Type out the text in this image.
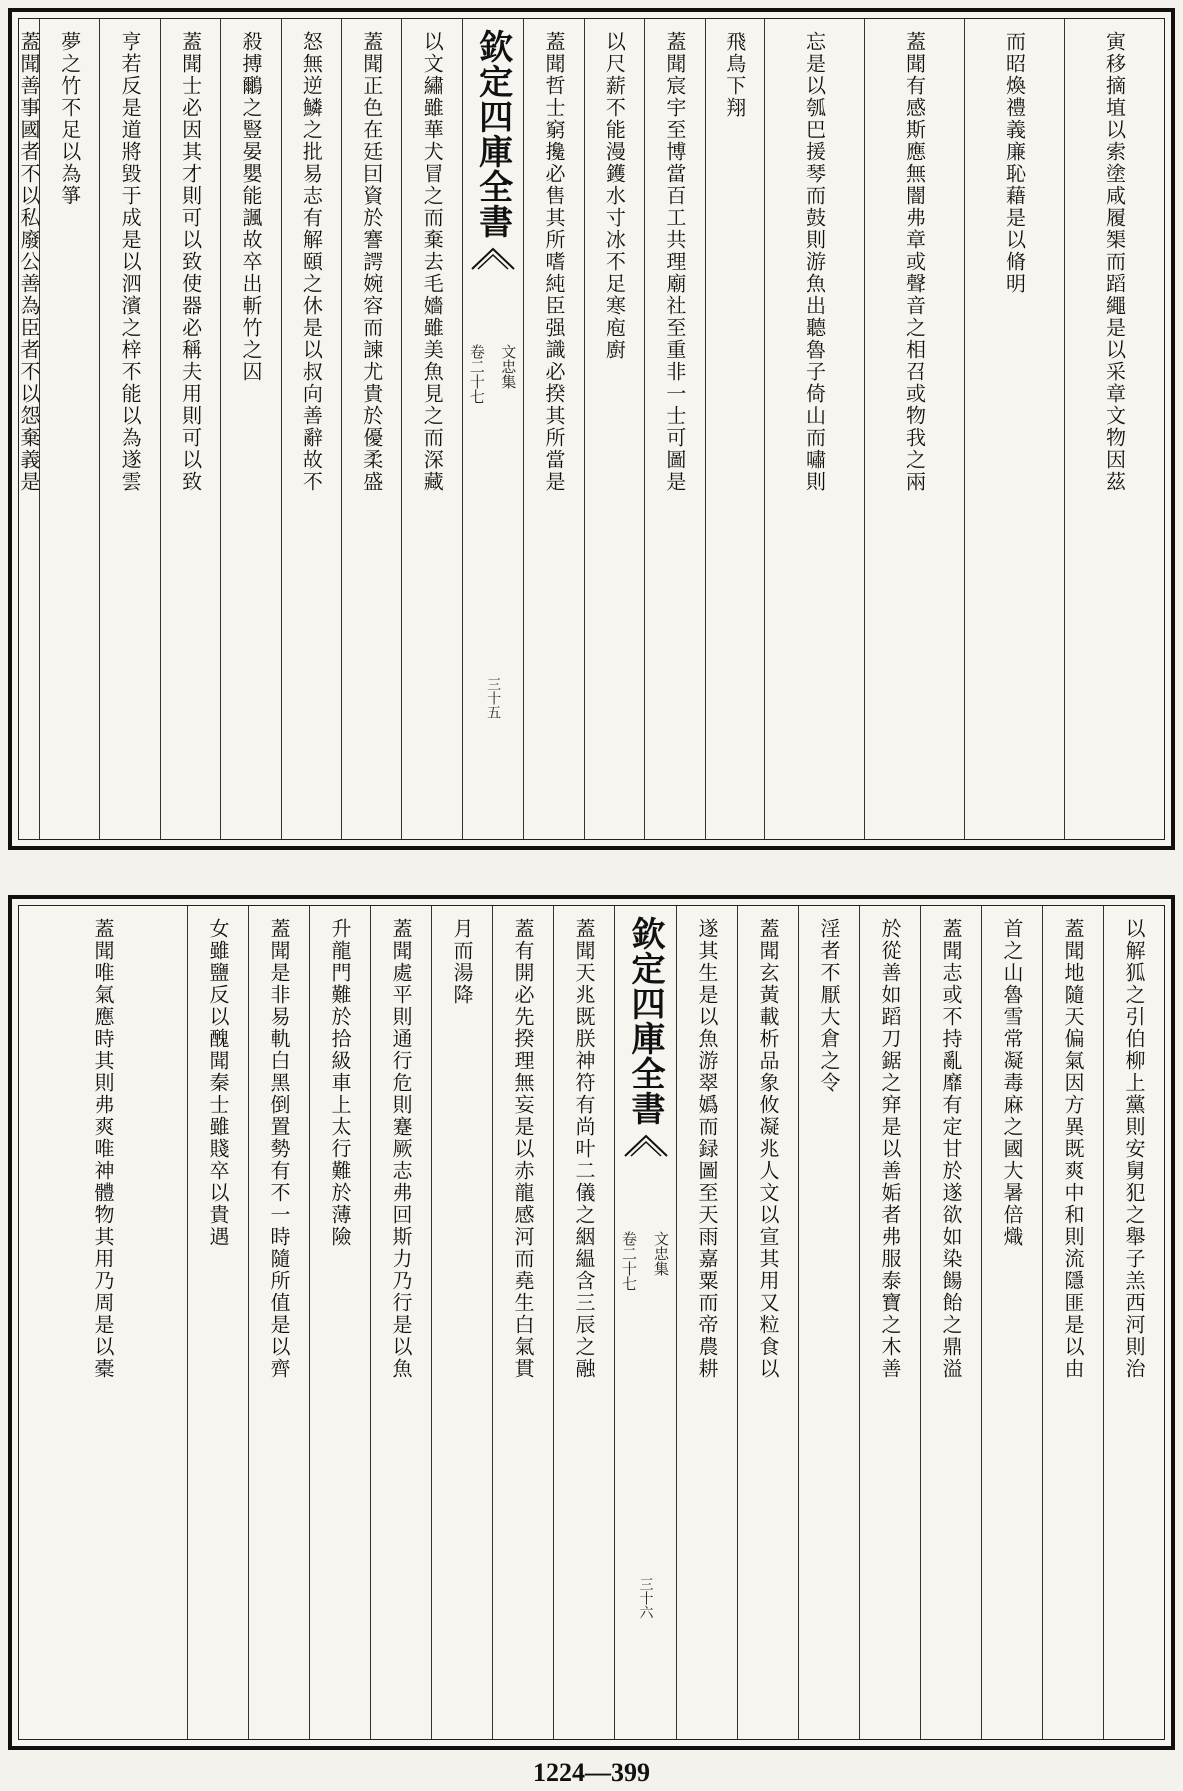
寅移摘埴以索塗咸履榘而蹈繩是以采章文物因茲
而昭煥禮義廉恥藉是以脩明
蓋聞有感斯應無闇弗章或聲音之相召或物我之兩
忘是以瓠巴援琴而鼓則游魚出聽魯子倚山而嘯則
飛鳥下翔
蓋聞宸宇至博當百工共理廟社至重非一士可圖是
以尺薪不能漫鑊水寸冰不足寒庖廚
蓋聞哲士窮攙必售其所嗜純臣强識必揆其所當是
欽定四庫全書
卷二十七 文忠集
三十五
以文繡雖華犬冒之而棄去毛嬙雖美魚見之而深藏
蓋聞正色在廷囙資於謇諤婉容而諫尤貴於優柔盛
怒無逆鱗之批易志有解頤之休是以叔向善辭故不
殺搏鸍之豎晏嬰能諷故卒出斬竹之囚
蓋聞士必因其才則可以致使器必稱夫用則可以致
亨若反是道將毀于成是以泗濱之梓不能以為遂雲
夢之竹不足以為箏
蓋聞善事國者不以私廢公善為臣者不以怨棄義是
以解狐之引伯柳上黨則安舅犯之舉子羔西河則治
蓋聞地隨天偏氣因方異既爽中和則流隱匪是以由
首之山魯雪常凝毒麻之國大暑倍熾
蓋聞志或不持亂靡有定甘於遂欲如染餳飴之鼎溢
於從善如蹈刀鋸之穽是以善姤者弗服泰寶之木善
淫者不厭大倉之令
蓋聞玄黃載析品象攸凝兆人文以宣其用又粒食以
遂其生是以魚游翠嬀而録圖至天雨嘉粟而帝農耕
欽定四庫全書
卷二十七 文忠集
三十六
蓋聞天兆既朕神符有尚叶二儀之絪緼含三辰之融
蓋有開必先揆理無妄是以赤龍感河而堯生白氣貫
月而湯降
蓋聞處平則通行危則蹇厥志弗回斯力乃行是以魚
升龍門難於拾級車上太行難於薄險
蓋聞是非易軌白黑倒置勢有不一時隨所值是以齊
女雖鹽反以醜聞秦士雖賤卒以貴遇
蓋聞唯氣應時其則弗爽唯神體物其用乃周是以橐
1224—399
